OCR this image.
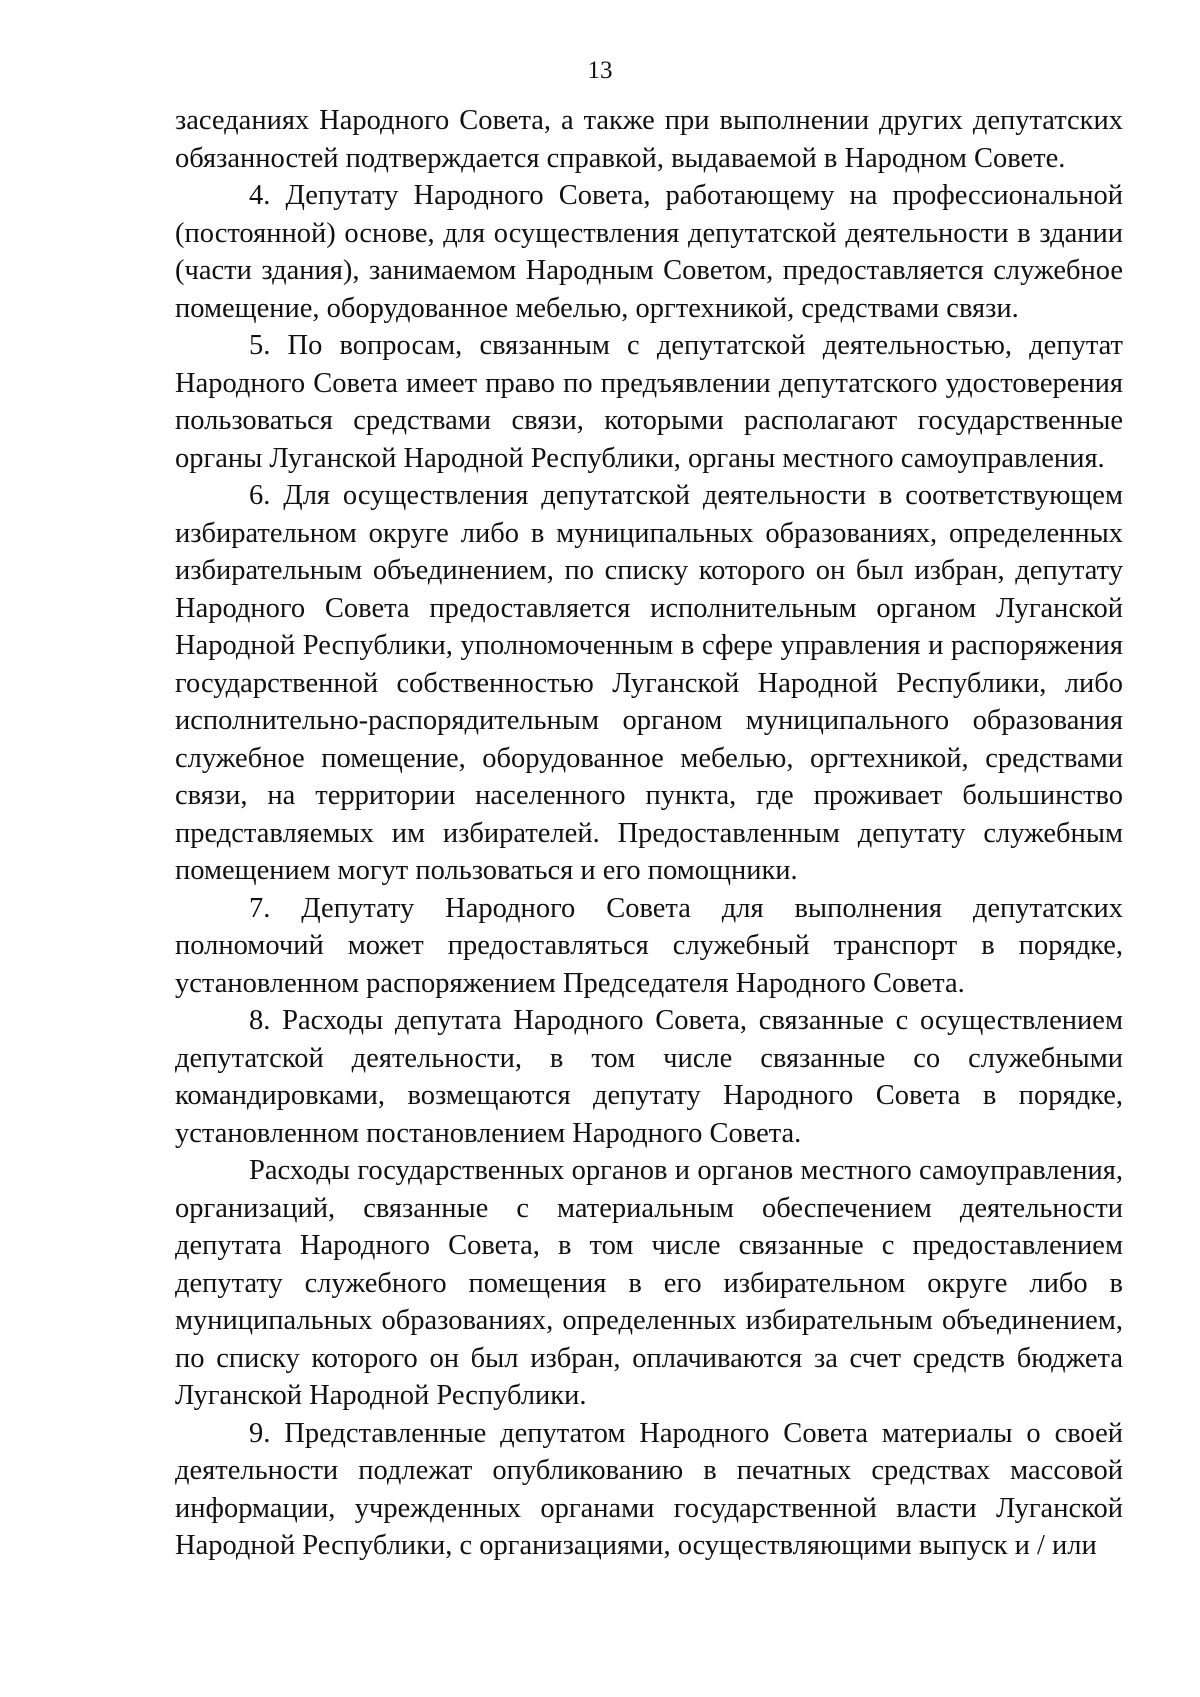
13

заседаниях Народного Совета, а также при выполнении других депутатских обязанностей подтверждается справкой, выдаваемой в Народном Совете.

4. Депутату Народного Совета, работающему на профессиональной (постоянной) основе, для осуществления депутатской деятельности в здании (части здания), занимаемом Народным Советом, предоставляется служебное помещение, оборудованное мебелью, оргтехникой, средствами связи.

5. По вопросам, связанным с депутатской деятельностью, депутат Народного Совета имеет право по предъявлении депутатского удостоверения пользоваться средствами связи, которыми располагают государственные органы Луганской Народной Республики, органы местного самоуправления.

6. Для осуществления депутатской деятельности в соответствующем избирательном округе либо в муниципальных образованиях, определенных избирательным объединением, по списку которого он был избран, депутату Народного Совета предоставляется исполнительным органом Луганской Народной Республики, уполномоченным в сфере управления и распоряжения государственной собственностью Луганской Народной Республики, либо исполнительно-распорядительным органом муниципального образования служебное помещение, оборудованное мебелью, оргтехникой, средствами связи, на территории населенного пункта, где проживает большинство представляемых им избирателей. Предоставленным депутату служебным помещением могут пользоваться и его помощники.

7. Депутату Народного Совета для выполнения депутатских полномочий может предоставляться служебный транспорт в порядке, установленном распоряжением Председателя Народного Совета.

8. Расходы депутата Народного Совета, связанные с осуществлением депутатской деятельности, в том числе связанные со служебными командировками, возмещаются депутату Народного Совета в порядке, установленном постановлением Народного Совета.

Расходы государственных органов и органов местного самоуправления, организаций, связанные с материальным обеспечением деятельности депутата Народного Совета, в том числе связанные с предоставлением депутату служебного помещения в его избирательном округе либо в муниципальных образованиях, определенных избирательным объединением, по списку которого он был избран, оплачиваются за счет средств бюджета Луганской Народной Республики.

9. Представленные депутатом Народного Совета материалы о своей деятельности подлежат опубликованию в печатных средствах массовой информации, учрежденных органами государственной власти Луганской Народной Республики, с организациями, осуществляющими выпуск и / или
